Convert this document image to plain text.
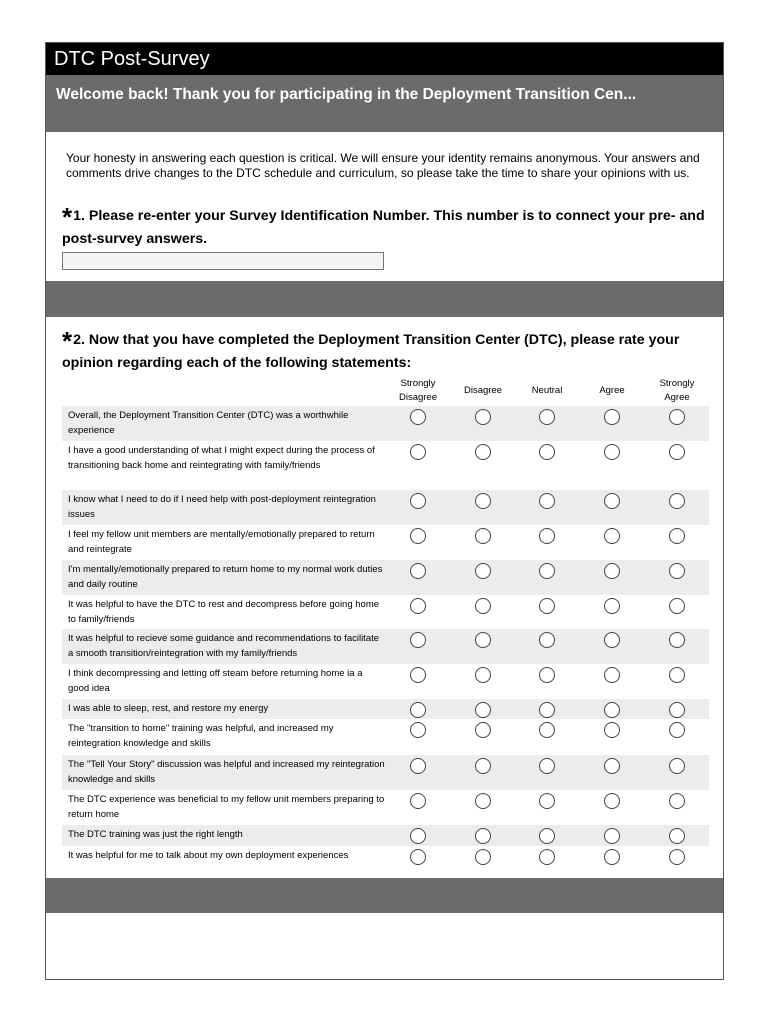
DTC Post-Survey
Welcome back! Thank you for participating in the Deployment Transition Cen...
Your honesty in answering each question is critical. We will ensure your identity remains anonymous. Your answers and comments drive changes to the DTC schedule and curriculum, so please take the time to share your opinions with us.
*1. Please re-enter your Survey Identification Number. This number is to connect your pre- and post-survey answers.
*2. Now that you have completed the Deployment Transition Center (DTC), please rate your opinion regarding each of the following statements:
Strongly Disagree
Disagree	Neutral	Agree
Strongly Agree
Overall, the Deployment Transition Center (DTC) was a worthwhile experience
I have a good understanding of what I might expect during the process of transitioning back home and reintegrating with family/friends
I know what I need to do if I need help with post-deployment reintegration issues
I feel my fellow unit members are mentally/emotionally prepared to return and reintegrate
I'm mentally/emotionally prepared to return home to my normal work duties and daily routine
It was helpful to have the DTC to rest and decompress before going home to family/friends
It was helpful to recieve some guidance and recommendations to facilitate a smooth transition/reintegration with my family/friends
I think decompressing and letting off steam before returning home ia a good idea
I was able to sleep, rest, and restore my energy
The "transition to home" training was helpful, and increased my reintegration knowledge and skills
The "Tell Your Story" discussion was helpful and increased my reintegration knowledge and skills
The DTC experience was beneficial to my fellow unit members preparing to return home
The DTC training was just the right length
It was helpful for me to talk about my own deployment experiences
